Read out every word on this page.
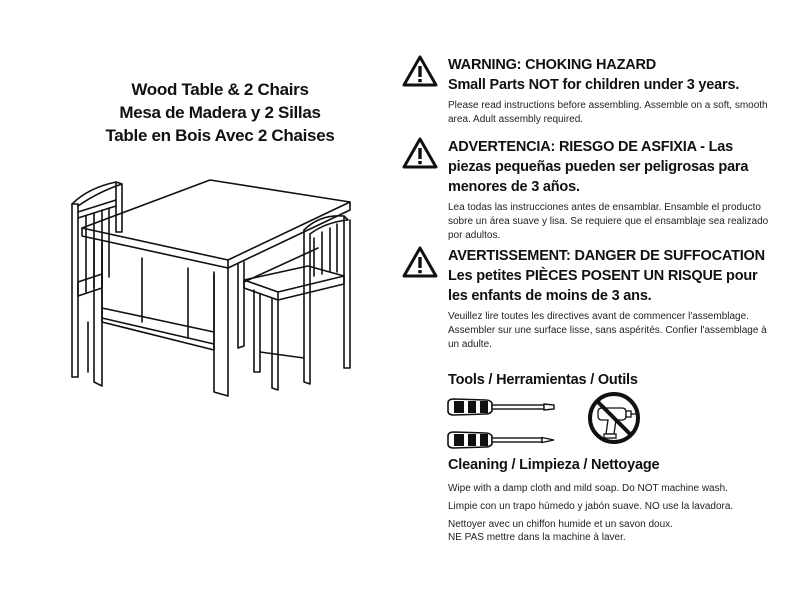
Wood Table & 2 Chairs
Mesa de Madera y 2 Sillas
Table en Bois Avec 2 Chaises
WARNING: CHOKING HAZARD
Small Parts NOT for children under 3 years.
Please read instructions before assembling. Assemble on a soft, smooth area. Adult assembly required.
ADVERTENCIA: RIESGO DE ASFIXIA - Las piezas pequeñas pueden ser peligrosas para menores de 3 años.
Lea todas las instrucciones antes de ensamblar. Ensamble el producto sobre un área suave y lisa. Se requiere que el ensamblaje sea realizado por adultos.
AVERTISSEMENT: DANGER DE SUFFOCATION Les petites PIÈCES POSENT UN RISQUE pour les enfants de moins de 3 ans.
Veuillez lire toutes les directives avant de commencer l'assemblage. Assembler sur une surface lisse, sans aspérités. Confier l'assemblage à un adulte.
Tools / Herramientas / Outils
Cleaning / Limpieza / Nettoyage
Wipe with a damp cloth and mild soap. Do NOT machine wash.
Limpie con un trapo húmedo y jabón suave. NO use la lavadora.
Nettoyer avec un chiffon humide et un savon doux.
NE PAS mettre dans la machine à laver.
